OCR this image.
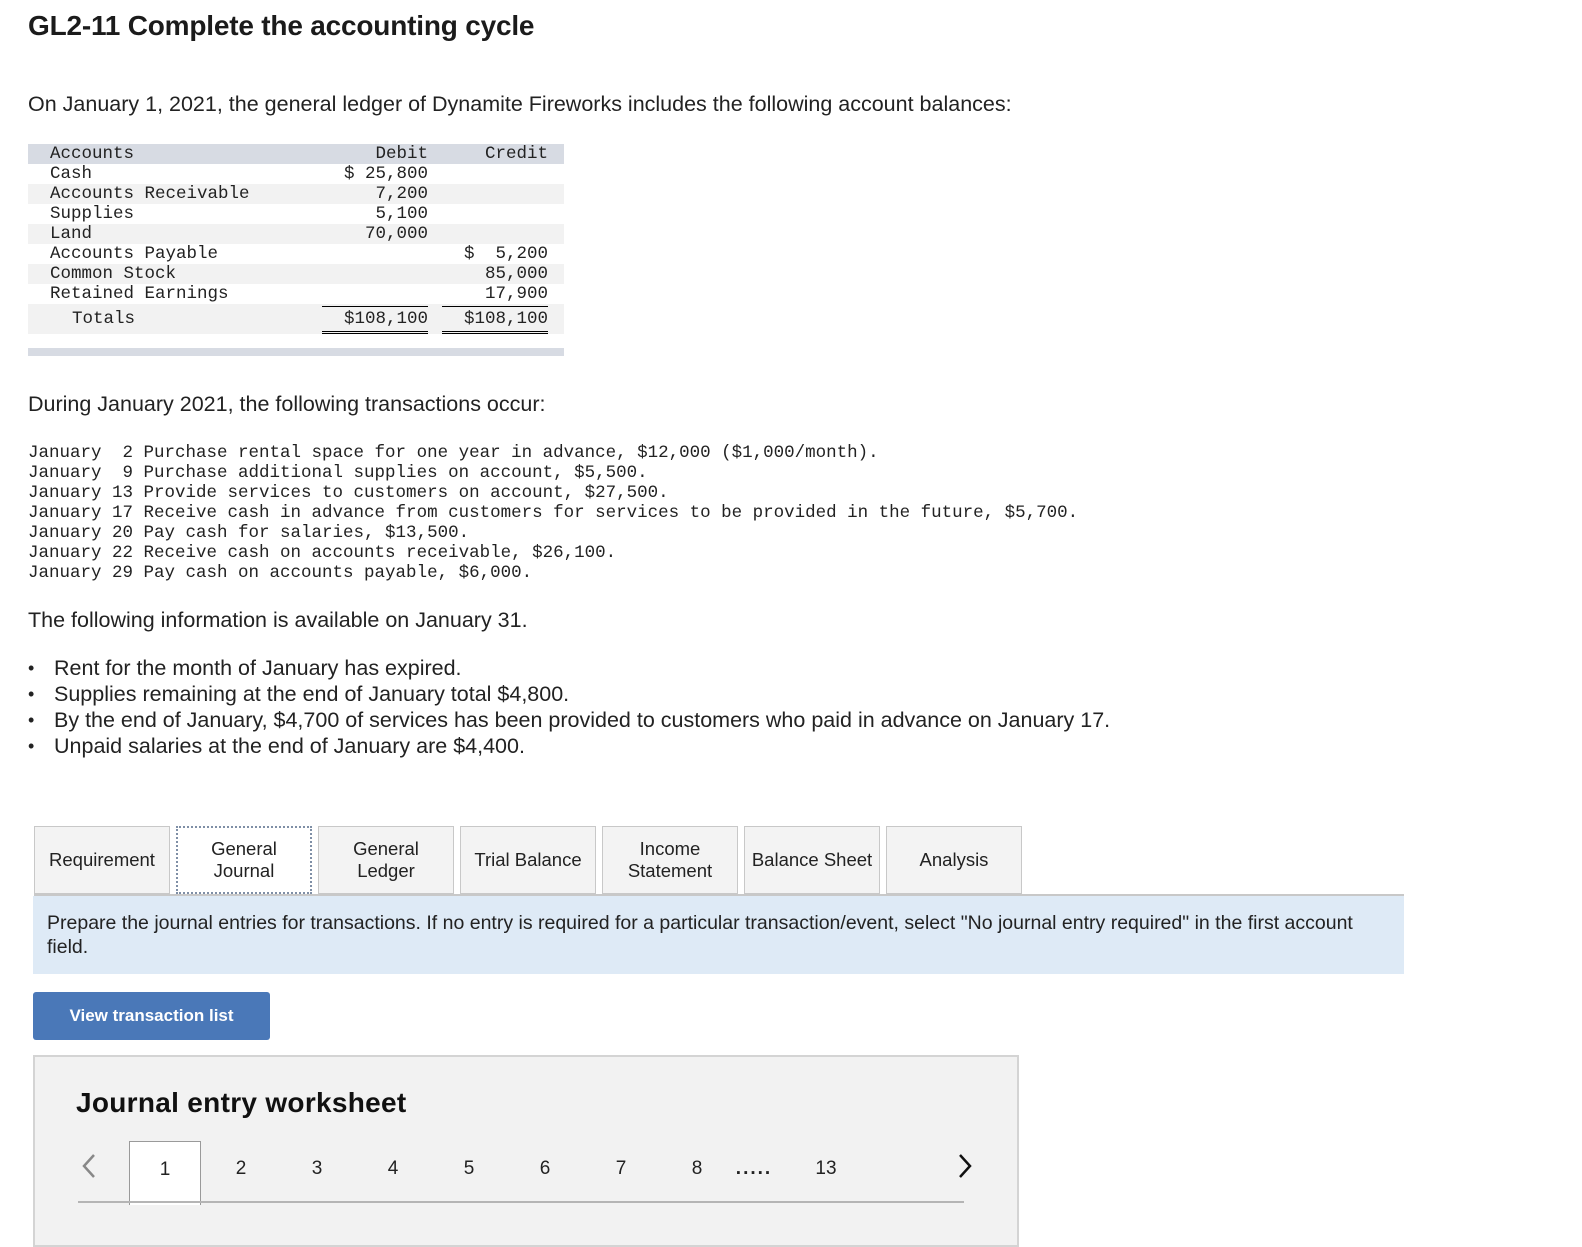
GL2-11 Complete the accounting cycle
On January 1, 2021, the general ledger of Dynamite Fireworks includes the following account balances:
Accounts	Debit		Credit
Cash	$ 25,800		
Accounts Receivable	7,200		
Supplies	5,100		
Land	70,000		
Accounts Payable			$  5,200
Common Stock			85,000
Retained Earnings			17,900
Totals	$108,100		$108,100
During January 2021, the following transactions occur:
January  2 Purchase rental space for one year in advance, $12,000 ($1,000/month).
January  9 Purchase additional supplies on account, $5,500.
January 13 Provide services to customers on account, $27,500.
January 17 Receive cash in advance from customers for services to be provided in the future, $5,700.
January 20 Pay cash for salaries, $13,500.
January 22 Receive cash on accounts receivable, $26,100.
January 29 Pay cash on accounts payable, $6,000.
The following information is available on January 31.
• Rent for the month of January has expired.
• Supplies remaining at the end of January total $4,800.
• By the end of January, $4,700 of services has been provided to customers who paid in advance on January 17.
• Unpaid salaries at the end of January are $4,400.
Requirement
General
Journal
General
Ledger
Trial Balance
Income
Statement
Balance Sheet	Analysis
Prepare the journal entries for transactions. If no entry is required for a particular transaction/event, select "No journal entry required" in the first account field.
View transaction list
Journal entry worksheet
1	2	3	4	5	6	7	8	.....	13
